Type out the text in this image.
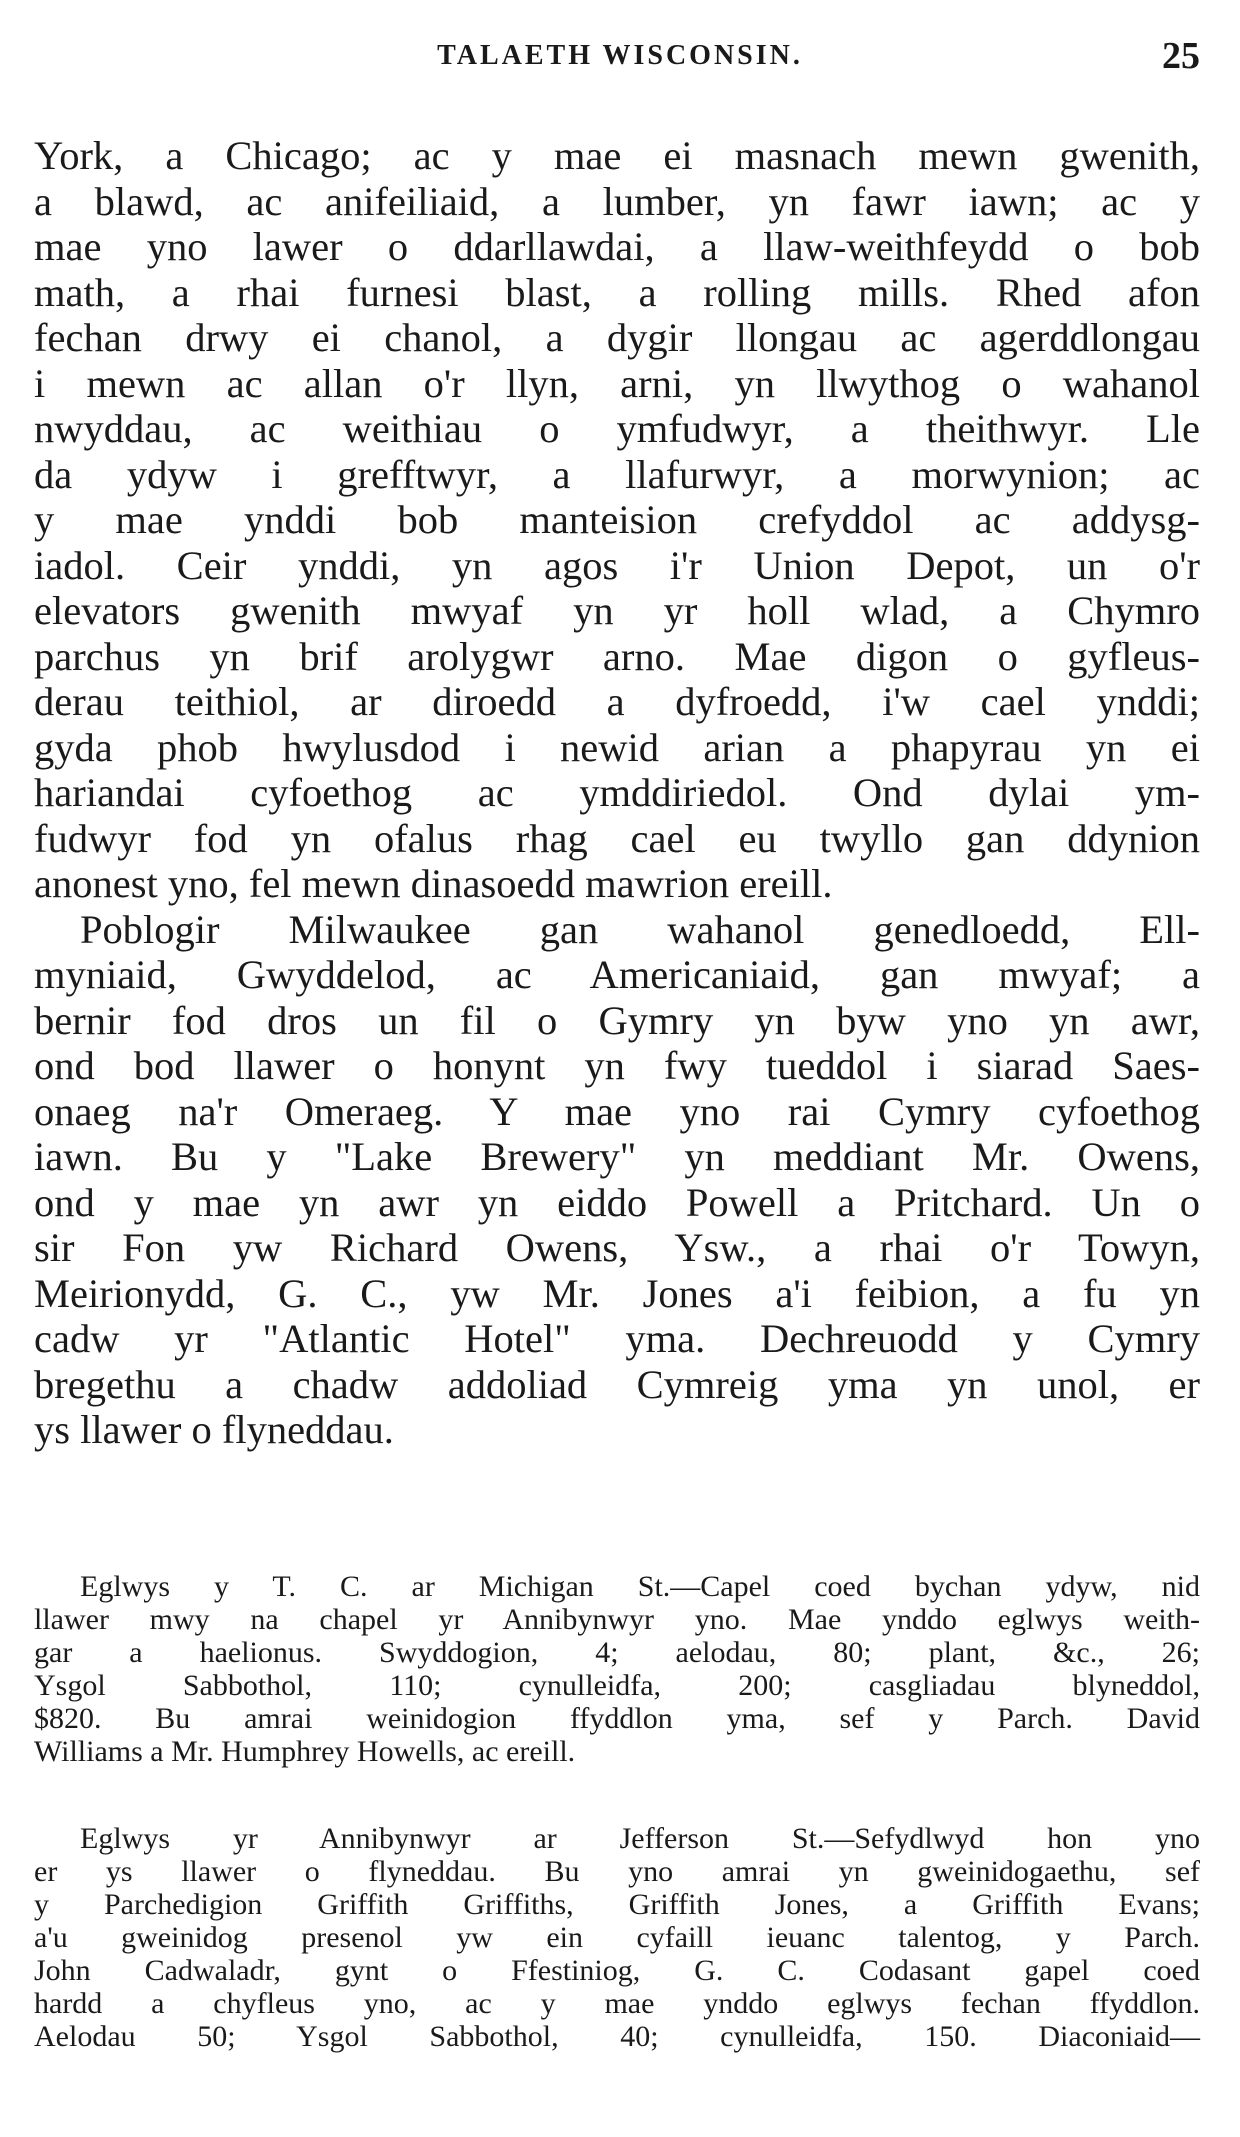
TALAETH WISCONSIN.	25
York, a Chicago; ac y mae ei masnach mewn gwenith,
a blawd, ac anifeiliaid, a lumber, yn fawr iawn; ac y
mae yno lawer o ddarllawdai, a llaw-weithfeydd o bob
math, a rhai furnesi blast, a rolling mills. Rhed afon
fechan drwy ei chanol, a dygir llongau ac agerddlongau
i mewn ac allan o'r llyn, arni, yn llwythog o wahanol
nwyddau, ac weithiau o ymfudwyr, a theithwyr. Lle
da ydyw i grefftwyr, a llafurwyr, a morwynion; ac
y mae ynddi bob manteision crefyddol ac addysg-
iadol. Ceir ynddi, yn agos i'r Union Depot, un o'r
elevators gwenith mwyaf yn yr holl wlad, a Chymro
parchus yn brif arolygwr arno. Mae digon o gyfleus-
derau teithiol, ar diroedd a dyfroedd, i'w cael ynddi;
gyda phob hwylusdod i newid arian a phapyrau yn ei
hariandai cyfoethog ac ymddiriedol. Ond dylai ym-
fudwyr fod yn ofalus rhag cael eu twyllo gan ddynion
anonest yno, fel mewn dinasoedd mawrion ereill.
Poblogir Milwaukee gan wahanol genedloedd, Ell-
myniaid, Gwyddelod, ac Americaniaid, gan mwyaf; a
bernir fod dros un fil o Gymry yn byw yno yn awr,
ond bod llawer o honynt yn fwy tueddol i siarad Saes-
onaeg na'r Omeraeg. Y mae yno rai Cymry cyfoethog
iawn. Bu y "Lake Brewery" yn meddiant Mr. Owens,
ond y mae yn awr yn eiddo Powell a Pritchard. Un o
sir Fon yw Richard Owens, Ysw., a rhai o'r Towyn,
Meirionydd, G. C., yw Mr. Jones a'i feibion, a fu yn
cadw yr "Atlantic Hotel" yma. Dechreuodd y Cymry
bregethu a chadw addoliad Cymreig yma yn unol, er
ys llawer o flyneddau.
Eglwys y T. C. ar Michigan St.—Capel coed bychan ydyw, nid
llawer mwy na chapel yr Annibynwyr yno. Mae ynddo eglwys weith-
gar a haelionus. Swyddogion, 4; aelodau, 80; plant, &c., 26;
Ysgol Sabbothol, 110; cynulleidfa, 200; casgliadau blyneddol,
$820. Bu amrai weinidogion ffyddlon yma, sef y Parch. David
Williams a Mr. Humphrey Howells, ac ereill.
Eglwys yr Annibynwyr ar Jefferson St.—Sefydlwyd hon yno
er ys llawer o flyneddau. Bu yno amrai yn gweinidogaethu, sef
y Parchedigion Griffith Griffiths, Griffith Jones, a Griffith Evans;
a'u gweinidog presenol yw ein cyfaill ieuanc talentog, y Parch.
John Cadwaladr, gynt o Ffestiniog, G. C. Codasant gapel coed
hardd a chyfleus yno, ac y mae ynddo eglwys fechan ffyddlon.
Aelodau 50; Ysgol Sabbothol, 40; cynulleidfa, 150. Diaconiaid—
